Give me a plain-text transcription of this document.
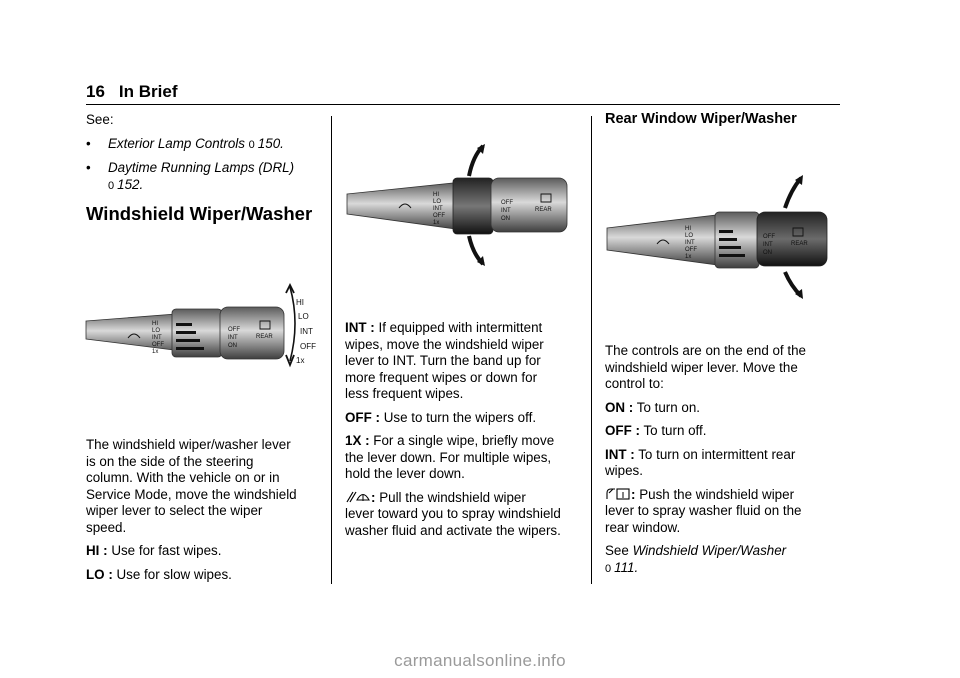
16 In Brief

See:

•	Exterior Lamp Controls 0 150.
•	Daytime Running Lamps (DRL)
0 152.
Windshield Wiper/Washer
HI
LO
INT
OFF
1x
OFF
INT
ON
REAR
HI
LO
INT
OFF
1x

The windshield wiper/washer lever
is on the side of the steering
column. With the vehicle on or in
Service Mode, move the windshield
wiper lever to select the wiper
speed.

HI : Use for fast wipes.

LO : Use for slow wipes.

HI
LO
INT
OFF
1x
OFF
INT
ON
REAR

INT : If equipped with intermittent
wipes, move the windshield wiper
lever to INT. Turn the band up for
more frequent wipes or down for
less frequent wipes.

OFF : Use to turn the wipers off.

1X : For a single wipe, briefly move
the lever down. For multiple wipes,
hold the lever down.

: Pull the windshield wiper
lever toward you to spray windshield
washer fluid and activate the wipers.

Rear Window Wiper/Washer
HI
LO
INT
OFF
1x
OFF
INT
ON
REAR

The controls are on the end of the
windshield wiper lever. Move the
control to:

ON : To turn on.

OFF : To turn off.

INT : To turn on intermittent rear
wipes.

: Push the windshield wiper
lever to spray washer fluid on the
rear window.

See Windshield Wiper/Washer
0 111.

carmanualsonline.info
